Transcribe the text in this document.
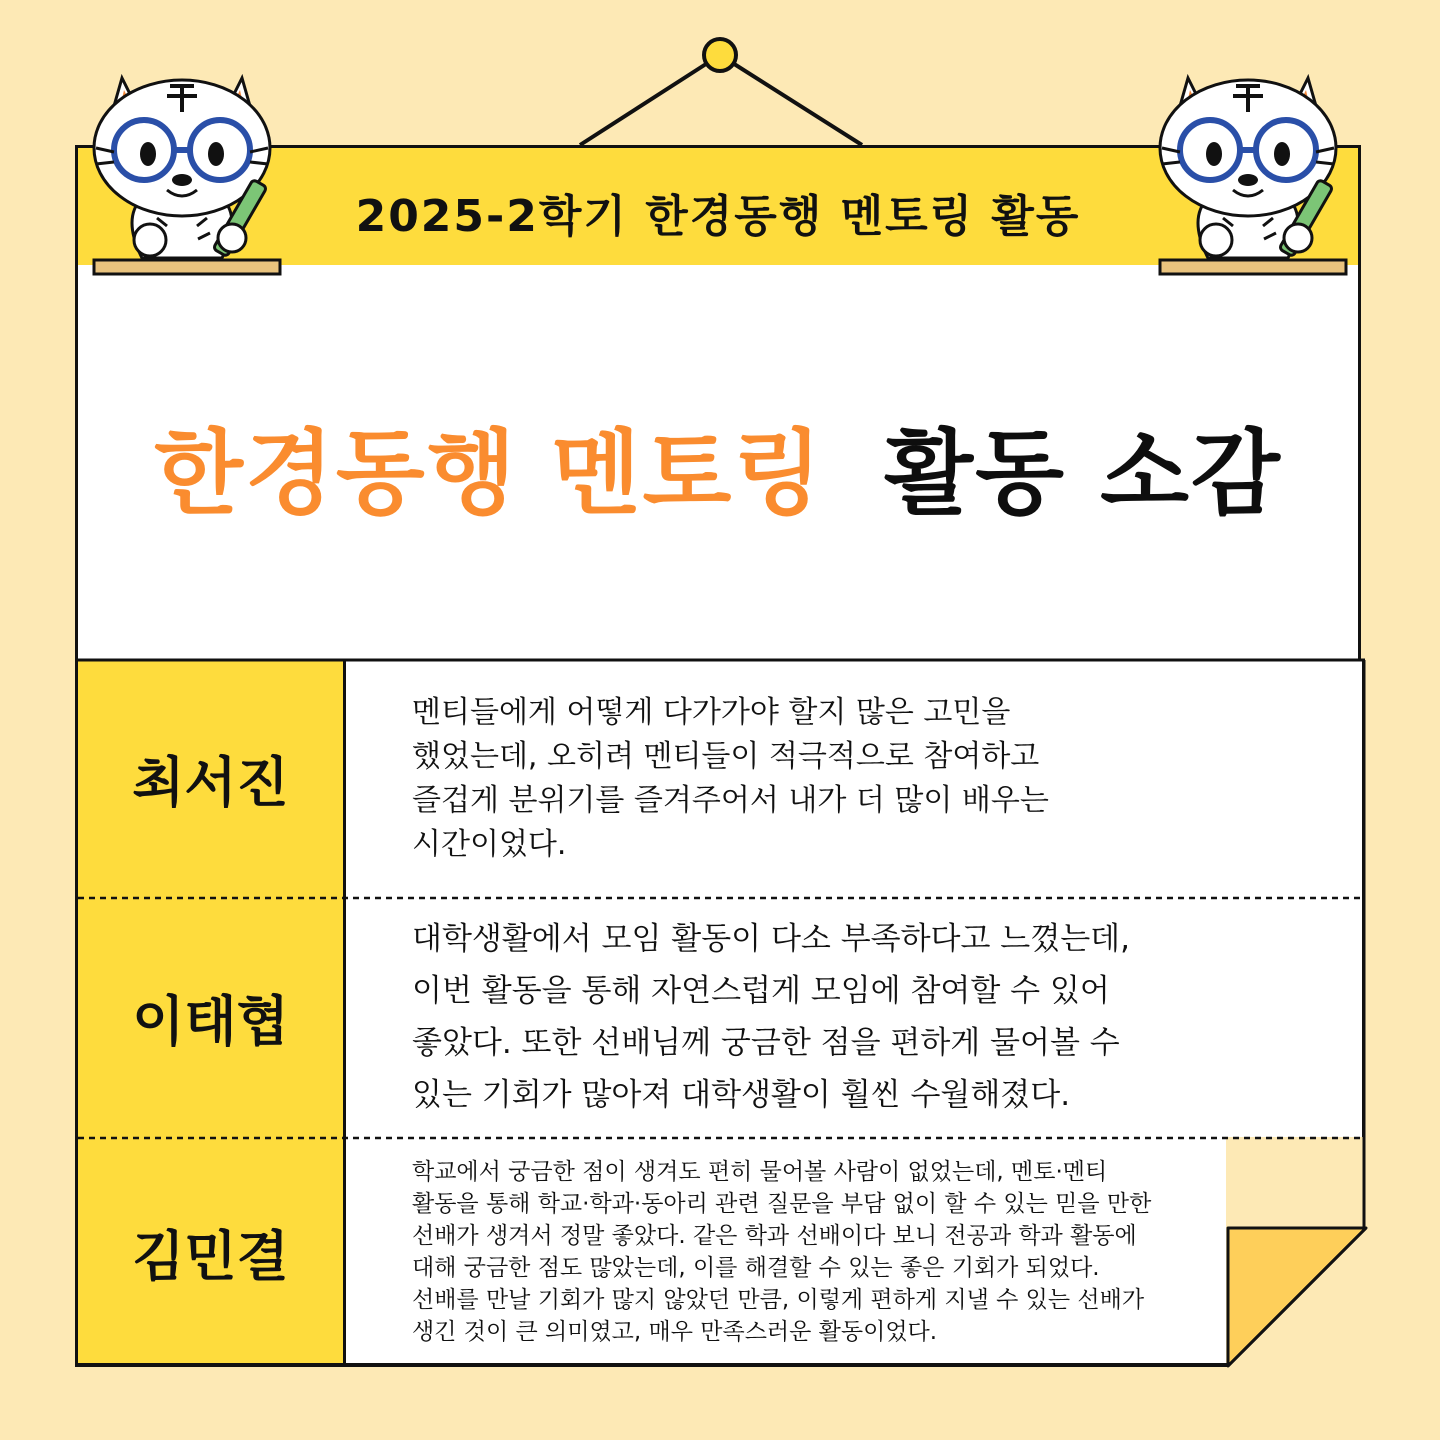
2025-2학기 한경동행 멘토링 활동
한경동행 멘토링 활동 소감
최서진

멘티들에게 어떻게 다가가야 할지 많은 고민을
했었는데, 오히려 멘티들이 적극적으로 참여하고
즐겁게 분위기를 즐겨주어서 내가 더 많이 배우는
시간이었다.

이태협

대학생활에서 모임 활동이 다소 부족하다고 느꼈는데,
이번 활동을 통해 자연스럽게 모임에 참여할 수 있어
좋았다. 또한 선배님께 궁금한 점을 편하게 물어볼 수
있는 기회가 많아져 대학생활이 훨씬 수월해졌다.

김민결

학교에서 궁금한 점이 생겨도 편히 물어볼 사람이 없었는데, 멘토·멘티
활동을 통해 학교·학과·동아리 관련 질문을 부담 없이 할 수 있는 믿을 만한
선배가 생겨서 정말 좋았다. 같은 학과 선배이다 보니 전공과 학과 활동에
대해 궁금한 점도 많았는데, 이를 해결할 수 있는 좋은 기회가 되었다.
선배를 만날 기회가 많지 않았던 만큼, 이렇게 편하게 지낼 수 있는 선배가
생긴 것이 큰 의미였고, 매우 만족스러운 활동이었다.
